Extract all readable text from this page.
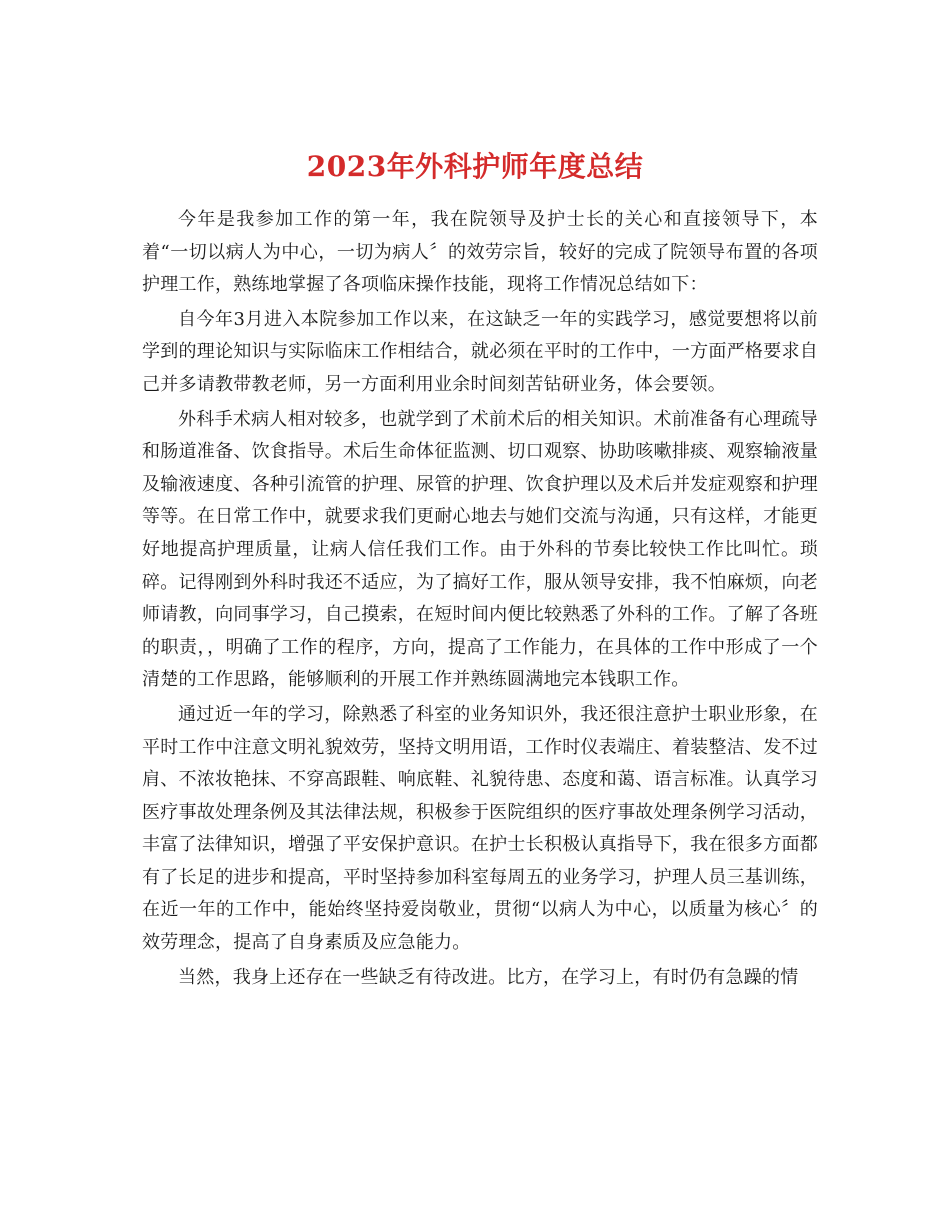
2023年外科护师年度总结

今年是我参加工作的第一年，我在院领导及护士长的关心和直接领导下，本着“一切以病人为中心，一切为病人〞的效劳宗旨，较好的完成了院领导布置的各项护理工作，熟练地掌握了各项临床操作技能，现将工作情况总结如下：

自今年3月进入本院参加工作以来，在这缺乏一年的实践学习，感觉要想将以前学到的理论知识与实际临床工作相结合，就必须在平时的工作中，一方面严格要求自己并多请教带教老师，另一方面利用业余时间刻苦钻研业务，体会要领。

外科手术病人相对较多，也就学到了术前术后的相关知识。术前准备有心理疏导和肠道准备、饮食指导。术后生命体征监测、切口观察、协助咳嗽排痰、观察输液量及输液速度、各种引流管的护理、尿管的护理、饮食护理以及术后并发症观察和护理等等。在日常工作中，就要求我们更耐心地去与她们交流与沟通，只有这样，才能更好地提高护理质量，让病人信任我们工作。由于外科的节奏比较快工作比叫忙。琐碎。记得刚到外科时我还不适应，为了搞好工作，服从领导安排，我不怕麻烦，向老师请教，向同事学习，自己摸索，在短时间内便比较熟悉了外科的工作。了解了各班的职责，，明确了工作的程序，方向，提高了工作能力，在具体的工作中形成了一个清楚的工作思路，能够顺利的开展工作并熟练圆满地完本钱职工作。

通过近一年的学习，除熟悉了科室的业务知识外，我还很注意护士职业形象，在平时工作中注意文明礼貌效劳，坚持文明用语，工作时仪表端庄、着装整洁、发不过肩、不浓妆艳抹、不穿高跟鞋、响底鞋、礼貌待患、态度和蔼、语言标准。认真学习医疗事故处理条例及其法律法规，积极参于医院组织的医疗事故处理条例学习活动，丰富了法律知识，增强了平安保护意识。在护士长积极认真指导下，我在很多方面都有了长足的进步和提高，平时坚持参加科室每周五的业务学习，护理人员三基训练， 在近一年的工作中，能始终坚持爱岗敬业，贯彻“以病人为中心，以质量为核心〞的效劳理念，提高了自身素质及应急能力。

当然，我身上还存在一些缺乏有待改进。比方，在学习上，有时仍有急躁的情
